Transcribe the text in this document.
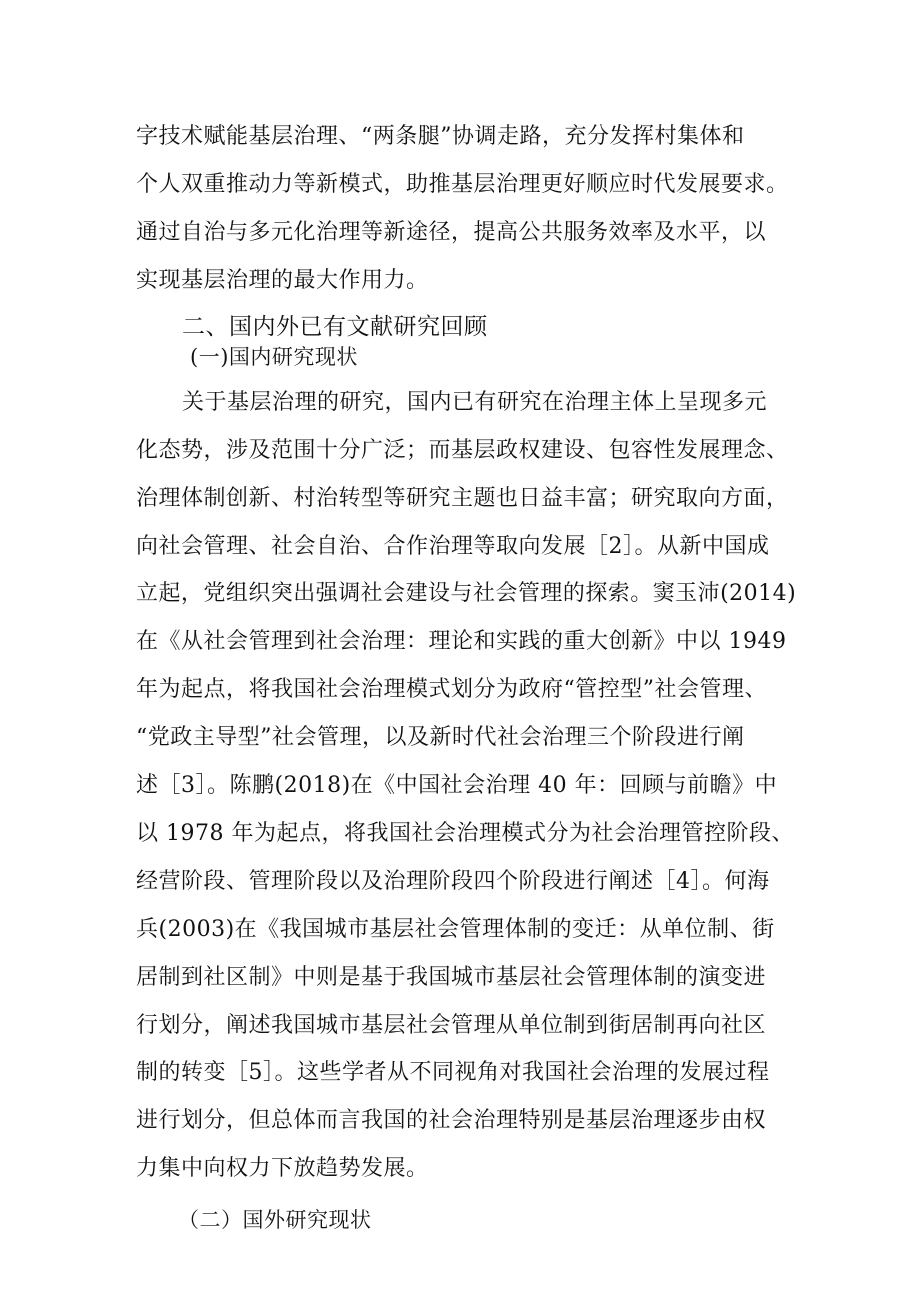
字技术赋能基层治理、“两条腿”协调走路，充分发挥村集体和
个人双重推动力等新模式，助推基层治理更好顺应时代发展要求。
通过自治与多元化治理等新途径，提高公共服务效率及水平，以
实现基层治理的最大作用力。
二、国内外已有文献研究回顾
(一)国内研究现状
关于基层治理的研究，国内已有研究在治理主体上呈现多元
化态势，涉及范围十分广泛；而基层政权建设、包容性发展理念、
治理体制创新、村治转型等研究主题也日益丰富；研究取向方面，
向社会管理、社会自治、合作治理等取向发展［2］。从新中国成
立起，党组织突出强调社会建设与社会管理的探索。窦玉沛(2014)
在《从社会管理到社会治理：理论和实践的重大创新》中以 1949
年为起点，将我国社会治理模式划分为政府“管控型”社会管理、
“党政主导型”社会管理，以及新时代社会治理三个阶段进行阐
述［3］。陈鹏(2018)在《中国社会治理 40 年：回顾与前瞻》中
以 1978 年为起点，将我国社会治理模式分为社会治理管控阶段、
经营阶段、管理阶段以及治理阶段四个阶段进行阐述［4］。何海
兵(2003)在《我国城市基层社会管理体制的变迁：从单位制、街
居制到社区制》中则是基于我国城市基层社会管理体制的演变进
行划分，阐述我国城市基层社会管理从单位制到街居制再向社区
制的转变［5］。这些学者从不同视角对我国社会治理的发展过程
进行划分，但总体而言我国的社会治理特别是基层治理逐步由权
力集中向权力下放趋势发展。
（二）国外研究现状
